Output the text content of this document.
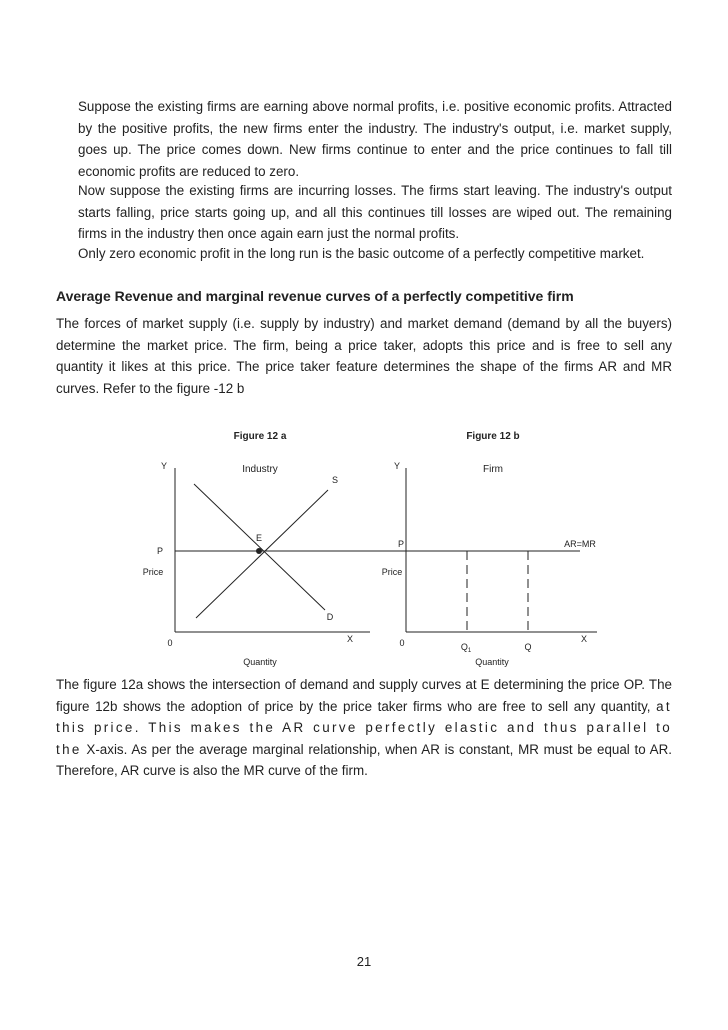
Suppose the existing firms are earning above normal profits, i.e. positive economic profits. Attracted by the positive profits, the new firms enter the industry. The industry's output, i.e. market supply, goes up. The price comes down. New firms continue to enter and the price continues to fall till economic profits are reduced to zero.
Now suppose the existing firms are incurring losses. The firms start leaving. The industry's output starts falling, price starts going up, and all this continues till losses are wiped out. The remaining firms in the industry then once again earn just the normal profits.
Only zero economic profit in the long run is the basic outcome of a perfectly competitive market.
Average Revenue and marginal revenue curves of a perfectly competitive firm
The forces of market supply (i.e. supply by industry) and market demand (demand by all the buyers) determine the market price. The firm, being a price taker, adopts this price and is free to sell any quantity it likes at this price. The price taker feature determines the shape of the firms AR and MR curves. Refer to the figure -12 b
Figure 12 a
Y	Industry
S
E
P
Price
D
X
0
Quantity
Figure 12 b
Y	Firm
AR=MR
P
Price
$Q_1$	Q
X
0
Quantity
The figure 12a shows the intersection of demand and supply curves at E determining the price OP. The figure 12b shows the adoption of price by the price taker firms who are free to sell any quantity, at this price. This makes the AR curve perfectly elastic and thus parallel to the X-axis. As per the average marginal relationship, when AR is constant, MR must be equal to AR. Therefore, AR curve is also the MR curve of the firm.
21
